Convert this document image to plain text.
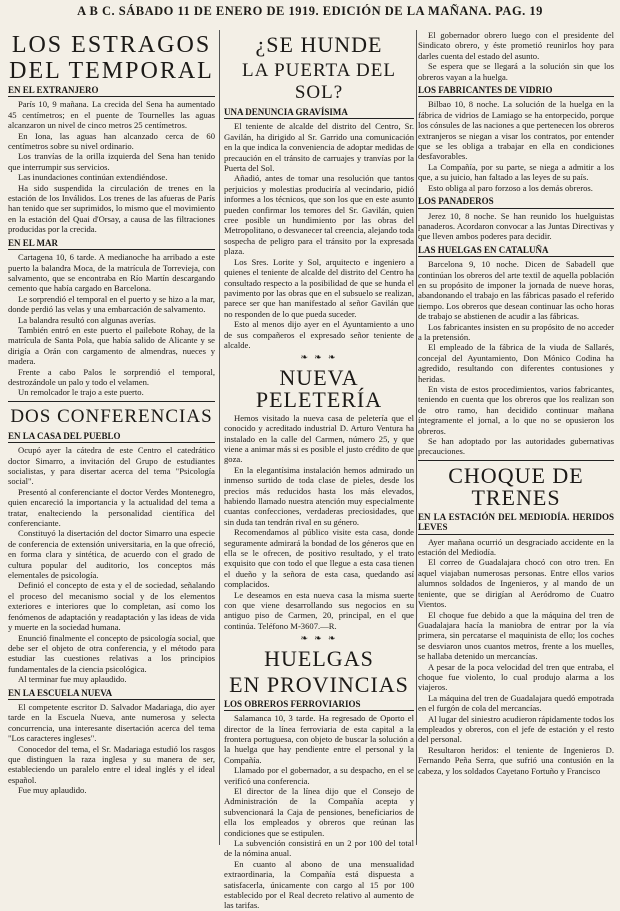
A B C. SÁBADO 11 DE ENERO DE 1919. EDICIÓN DE LA MAÑANA. PAG. 19
LOS ESTRAGOS
DEL TEMPORAL
EN EL EXTRANJERO

París 10, 9 mañana. La crecida del Sena ha aumentado 45 centímetros; en el puente de Tournelles las aguas alcanzaron un nivel de cinco metros 25 centímetros.

En Iona, las aguas han alcanzado cerca de 60 centímetros sobre su nivel ordinario.

Los tranvías de la orilla izquierda del Sena han tenido que interrumpir sus servicios.

Las inundaciones continúan extendiéndose.

Ha sido suspendida la circulación de trenes en la estación de los Inválidos. Los trenes de las afueras de París han tenido que ser suprimidos, lo mismo que el movimiento en la estación del Quai d'Orsay, a causa de las filtraciones producidas por la crecida.

EN EL MAR

Cartagena 10, 6 tarde. A medianoche ha arribado a este puerto la balandra Moca, de la matrícula de Torrevieja, con salvamento, que se encontraba en Río Martín descargando cemento que había cargado en Barcelona.

Le sorprendió el temporal en el puerto y se hizo a la mar, donde perdió las velas y una embarcación de salvamento.

La balandra resultó con algunas averías.

También entró en este puerto el pailebote Rohay, de la matrícula de Santa Pola, que había salido de Alicante y se dirigía a Orán con cargamento de almendras, nueces y madera.

Frente a cabo Palos le sorprendió el temporal, destrozándole un palo y todo el velamen.

Un remolcador le trajo a este puerto.

DOS CONFERENCIAS
EN LA CASA DEL PUEBLO

Ocupó ayer la cátedra de este Centro el catedrático doctor Simarro, a invitación del Grupo de estudiantes socialistas, y para disertar acerca del tema "Psicología social".

Presentó al conferenciante el doctor Verdes Montenegro, quien encareció la importancia y la actualidad del tema a tratar, enalteciendo la personalidad científica del conferenciante.

Constituyó la disertación del doctor Simarro una especie de conferencia de extensión universitaria, en la que ofreció, en forma clara y sintética, de acuerdo con el grado de cultura popular del auditorio, los conceptos más elementales de psicología.

Definió el concepto de esta y el de sociedad, señalando el proceso del mecanismo social y de los elementos exteriores e interiores que lo completan, así como los fenómenos de adaptación y readaptación y las ideas de vida y muerte en la sociedad humana.

Enunció finalmente el concepto de psicología social, que debe ser el objeto de otra conferencia, y el método para estudiar las cuestiones relativas a los principios fundamentales de la ciencia psicológica.

Al terminar fue muy aplaudido.

EN LA ESCUELA NUEVA

El competente escritor D. Salvador Madariaga, dio ayer tarde en la Escuela Nueva, ante numerosa y selecta concurrencia, una interesante disertación acerca del tema "Los caracteres ingleses".

Conocedor del tema, el Sr. Madariaga estudió los rasgos que distinguen la raza inglesa y su manera de ser, estableciendo un paralelo entre el ideal inglés y el ideal español.

Fue muy aplaudido.

¿SE HUNDE
LA PUERTA DEL SOL?
UNA DENUNCIA GRAVÍSIMA

El teniente de alcalde del distrito del Centro, Sr. Gavilán, ha dirigido al Sr. Garrido una comunicación en la que indica la conveniencia de adoptar medidas de precaución en el tránsito de carruajes y tranvías por la Puerta del Sol.

Añadió, antes de tomar una resolución que tantos perjuicios y molestias produciría al vecindario, pidió informes a los técnicos, que son los que en este asunto pueden confirmar los temores del Sr. Gavilán, quien cree posible un hundimiento por las obras del Metropolitano, o desvanecer tal creencia, alejando toda sospecha de peligro para el tránsito por la expresada plaza.

Los Sres. Lorite y Sol, arquitecto e ingeniero a quienes el teniente de alcalde del distrito del Centro ha consultado respecto a la posibilidad de que se hunda el pavimento por las obras que en el subsuelo se realizan, parece ser que han manifestado al señor Gavilán que no responden de lo que pueda suceder.

Esto al menos dijo ayer en el Ayuntamiento a uno de sus compañeros el expresado señor teniente de alcalde.

❧ ❧ ❧
NUEVA PELETERÍA

Hemos visitado la nueva casa de peletería que el conocido y acreditado industrial D. Arturo Ventura ha instalado en la calle del Carmen, número 25, y que viene a animar más si es posible el justo crédito de que goza.

En la elegantísima instalación hemos admirado un inmenso surtido de toda clase de pieles, desde los precios más reducidos hasta los más elevados, habiendo llamado nuestra atención muy especialmente cuantas confecciones, verdaderas preciosidades, que sin duda tan tendrán rival en su género.

Recomendamos al público visite esta casa, donde seguramente admirará la bondad de los géneros que en ella se le ofrecen, de positivo resultado, y el trato exquisito que con todo el que llegue a esta casa tienen el dueño y la señora de esta casa, quedando así complacidos.

Le deseamos en esta nueva casa la misma suerte con que viene desarrollando sus negocios en su antiguo piso de Carmen, 20, principal, en el que continúa. Teléfono M-3607.—R.

❧ ❧ ❧
HUELGAS
EN PROVINCIAS
LOS OBREROS FERROVIARIOS

Salamanca 10, 3 tarde. Ha regresado de Oporto el director de la línea ferroviaria de esta capital a la frontera portuguesa, con objeto de buscar la solución a la huelga que hay pendiente entre el personal y la Compañía.

Llamado por el gobernador, a su despacho, en el se verificó una conferencia.

El director de la línea dijo que el Consejo de Administración de la Compañía acepta y subvencionará la Caja de pensiones, beneficiarios de ella los empleados y obreros que reúnan las condiciones que se estipulen.

La subvención consistirá en un 2 por 100 del total de la nómina anual.

En cuanto al abono de una mensualidad extraordinaria, la Compañía está dispuesta a satisfacerla, únicamente con cargo al 15 por 100 establecido por el Real decreto relativo al aumento de las tarifas.

El gobernador obrero luego con el presidente del Sindicato obrero, y éste prometió reunirlos hoy para darles cuenta del estado del asunto.

Se espera que se llegará a la solución sin que los obreros vayan a la huelga.

LOS FABRICANTES DE VIDRIO

Bilbao 10, 8 noche. La solución de la huelga en la fábrica de vidrios de Lamiago se ha entorpecido, porque los cónsules de las naciones a que pertenecen los obreros extranjeros se niegan a visar los contratos, por entender que se les obliga a trabajar en ella en condiciones desfavorables.

La Compañía, por su parte, se niega a admitir a los que, a su juicio, han faltado a las leyes de su país.

Esto obliga al paro forzoso a los demás obreros.

LOS PANADEROS

Jerez 10, 8 noche. Se han reunido los huelguistas panaderos. Acordaron convocar a las Juntas Directivas y que lleven ambos poderes para decidir.

LAS HUELGAS EN CATALUÑA

Barcelona 9, 10 noche. Dicen de Sabadell que continúan los obreros del arte textil de aquella población en su propósito de imponer la jornada de nueve horas, abandonando el trabajo en las fábricas pasado el referido tiempo. Los obreros que desean continuar las ocho horas de trabajo se abstienen de acudir a las fábricas.

Los fabricantes insisten en su propósito de no acceder a la pretensión.

El empleado de la fábrica de la viuda de Sallarés, concejal del Ayuntamiento, Don Mónico Codina ha agredido, resultando con diferentes contusiones y heridas.

En vista de estos procedimientos, varios fabricantes, teniendo en cuenta que los obreros que los realizan son de otro ramo, han decidido continuar mañana íntegramente el jornal, a lo que no se opusieron los obreros.

Se han adoptado por las autoridades gubernativas precauciones.

CHOQUE DE TRENES
EN LA ESTACIÓN DEL MEDIODÍA. HERIDOS LEVES

Ayer mañana ocurrió un desgraciado accidente en la estación del Mediodía.

El correo de Guadalajara chocó con otro tren. En aquel viajaban numerosas personas. Entre ellos varios alumnos soldados de Ingenieros, y al mando de un teniente, que se dirigían al Aeródromo de Cuatro Vientos.

El choque fue debido a que la máquina del tren de Guadalajara hacía la maniobra de entrar por la vía primera, sin percatarse el maquinista de ello; los coches se desviaron unos cuantos metros, frente a los muelles, se hallaba detenido un mercancías.

A pesar de la poca velocidad del tren que entraba, el choque fue violento, lo cual produjo alarma a los viajeros.

La máquina del tren de Guadalajara quedó empotrada en el furgón de cola del mercancías.

Al lugar del siniestro acudieron rápidamente todos los empleados y obreros, con el jefe de estación y el resto del personal.

Resultaron heridos: el teniente de Ingenieros D. Fernando Peña Serra, que sufrió una contusión en la cabeza, y los soldados Cayetano Fortuño y Francisco
